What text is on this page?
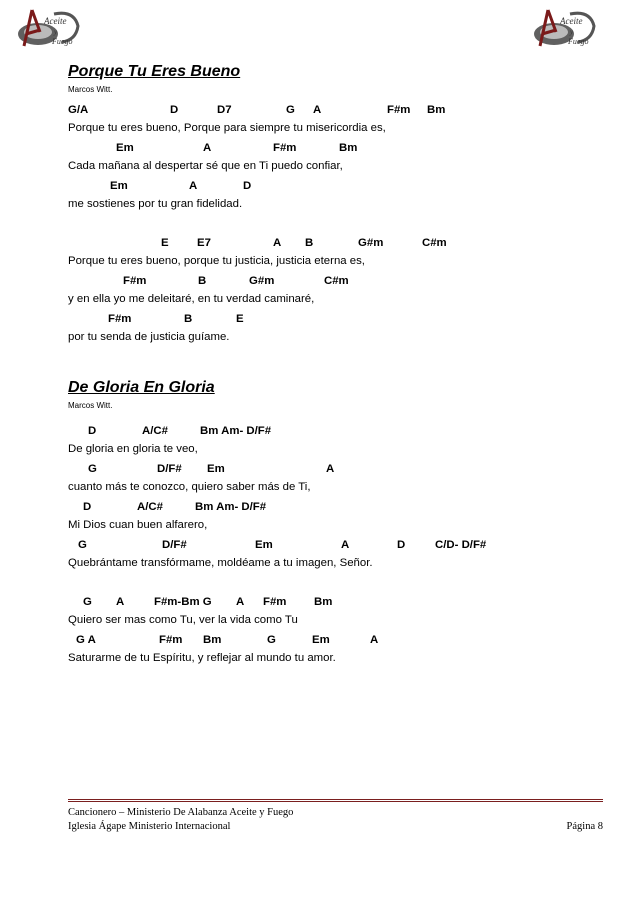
Aceite
y
Fuego
Aceite
y
Fuego
Porque Tu Eres Bueno
Marcos Witt.
G/A	D	D7	G A	F#m Bm
Porque tu eres bueno, Porque para siempre tu misericordia es,
Em	A	F#m	Bm
Cada mañana al despertar sé que en Ti puedo confiar,
Em	A	D
me sostienes por tu gran fidelidad.
E E7	A B	G#m	C#m
Porque tu eres bueno, porque tu justicia, justicia eterna es,
F#m	B	G#m	C#m
y en ella yo me deleitaré, en tu verdad caminaré,
F#m	B	E
por tu senda de justicia guíame.
De Gloria En Gloria
Marcos Witt.
D	A/C#	Bm Am- D/F#
De gloria en gloria te veo,
G	D/F# Em	A
cuanto más te conozco, quiero saber más de Ti,
D	A/C#	Bm Am- D/F#
Mi Dios cuan buen alfarero,
G	D/F#	Em	A	D	C/D- D/F#
Quebrántame transfórmame, moldéame a tu imagen, Señor.
G A	F#m-Bm G A F#m Bm
Quiero ser mas como Tu, ver la vida como Tu
G A	F#m Bm	G	Em	A
Saturarme de tu Espíritu, y reflejar al mundo tu amor.
Cancionero – Ministerio De Alabanza Aceite y Fuego
Iglesia Ágape Ministerio Internacional	Página 8
